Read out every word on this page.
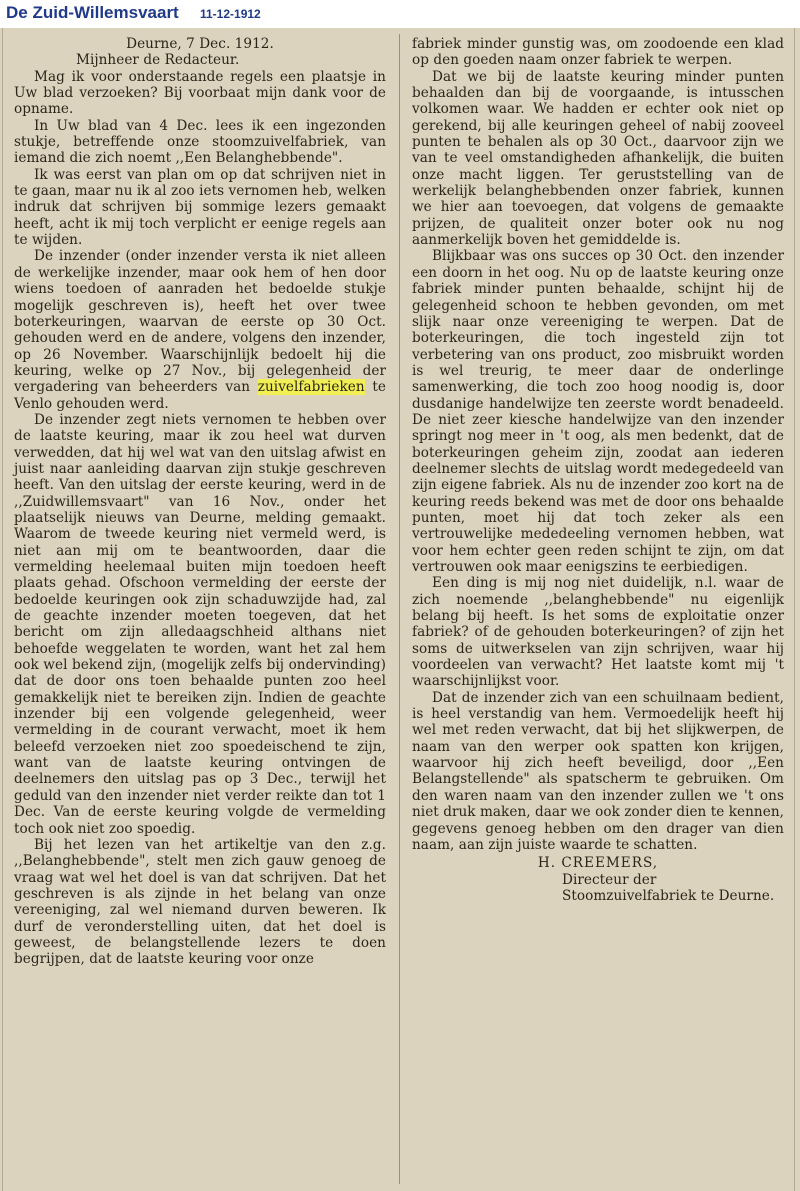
De Zuid-Willemsvaart 11-12-1912

Deurne, 7 Dec. 1912.

Mijnheer de Redacteur.

Mag ik voor onderstaande regels een plaatsje in Uw blad verzoeken? Bij voorbaat mijn dank voor de opname.

In Uw blad van 4 Dec. lees ik een ingezonden stukje, betreffende onze stoomzuivelfabriek, van iemand die zich noemt ,,Een Belanghebbende".

Ik was eerst van plan om op dat schrijven niet in te gaan, maar nu ik al zoo iets vernomen heb, welken indruk dat schrijven bij sommige lezers gemaakt heeft, acht ik mij toch verplicht er eenige regels aan te wijden.

De inzender (onder inzender versta ik niet alleen de werkelijke inzender, maar ook hem of hen door wiens toedoen of aanraden het bedoelde stukje mogelijk geschreven is), heeft het over twee boterkeuringen, waarvan de eerste op 30 Oct. gehouden werd en de andere, volgens den inzender, op 26 November. Waarschijnlijk bedoelt hij die keuring, welke op 27 Nov., bij gelegenheid der vergadering van beheerders van zuivelfabrieken te Venlo gehouden werd.

De inzender zegt niets vernomen te hebben over de laatste keuring, maar ik zou heel wat durven verwedden, dat hij wel wat van den uitslag afwist en juist naar aanleiding daarvan zijn stukje geschreven heeft. Van den uitslag der eerste keuring, werd in de ,,Zuidwillemsvaart" van 16 Nov., onder het plaatselijk nieuws van Deurne, melding gemaakt. Waarom de tweede keuring niet vermeld werd, is niet aan mij om te beantwoorden, daar die vermelding heelemaal buiten mijn toedoen heeft plaats gehad. Ofschoon vermelding der eerste der bedoelde keuringen ook zijn schaduwzijde had, zal de geachte inzender moeten toegeven, dat het bericht om zijn alledaagschheid althans niet behoefde weggelaten te worden, want het zal hem ook wel bekend zijn, (mogelijk zelfs bij ondervinding) dat de door ons toen behaalde punten zoo heel gemakkelijk niet te bereiken zijn. Indien de geachte inzender bij een volgende gelegenheid, weer vermelding in de courant verwacht, moet ik hem beleefd verzoeken niet zoo spoedeischend te zijn, want van de laatste keuring ontvingen de deelnemers den uitslag pas op 3 Dec., terwijl het geduld van den inzender niet verder reikte dan tot 1 Dec. Van de eerste keuring volgde de vermelding toch ook niet zoo spoedig.

Bij het lezen van het artikeltje van den z.g. ,,Belanghebbende", stelt men zich gauw genoeg de vraag wat wel het doel is van dat schrijven. Dat het geschreven is als zijnde in het belang van onze vereeniging, zal wel niemand durven beweren. Ik durf de veronderstelling uiten, dat het doel is geweest, de belangstellende lezers te doen begrijpen, dat de laatste keuring voor onze

fabriek minder gunstig was, om zoodoende een klad op den goeden naam onzer fabriek te werpen.

Dat we bij de laatste keuring minder punten behaalden dan bij de voorgaande, is intusschen volkomen waar. We hadden er echter ook niet op gerekend, bij alle keuringen geheel of nabij zooveel punten te behalen als op 30 Oct., daarvoor zijn we van te veel omstandigheden afhankelijk, die buiten onze macht liggen. Ter geruststelling van de werkelijk belanghebbenden onzer fabriek, kunnen we hier aan toevoegen, dat volgens de gemaakte prijzen, de qualiteit onzer boter ook nu nog aanmerkelijk boven het gemiddelde is.

Blijkbaar was ons succes op 30 Oct. den inzender een doorn in het oog. Nu op de laatste keuring onze fabriek minder punten behaalde, schijnt hij de gelegenheid schoon te hebben gevonden, om met slijk naar onze vereeniging te werpen. Dat de boterkeuringen, die toch ingesteld zijn tot verbetering van ons product, zoo misbruikt worden is wel treurig, te meer daar de onderlinge samenwerking, die toch zoo hoog noodig is, door dusdanige handelwijze ten zeerste wordt benadeeld. De niet zeer kiesche handelwijze van den inzender springt nog meer in 't oog, als men bedenkt, dat de boterkeuringen geheim zijn, zoodat aan iederen deelnemer slechts de uitslag wordt medegedeeld van zijn eigene fabriek. Als nu de inzender zoo kort na de keuring reeds bekend was met de door ons behaalde punten, moet hij dat toch zeker als een vertrouwelijke mededeeling vernomen hebben, wat voor hem echter geen reden schijnt te zijn, om dat vertrouwen ook maar eenigszins te eerbiedigen.

Een ding is mij nog niet duidelijk, n.l. waar de zich noemende ,,belanghebbende" nu eigenlijk belang bij heeft. Is het soms de exploitatie onzer fabriek? of de gehouden boterkeuringen? of zijn het soms de uitwerkselen van zijn schrijven, waar hij voordeelen van verwacht? Het laatste komt mij 't waarschijnlijkst voor.

Dat de inzender zich van een schuilnaam bedient, is heel verstandig van hem. Vermoedelijk heeft hij wel met reden verwacht, dat bij het slijkwerpen, de naam van den werper ook spatten kon krijgen, waarvoor hij zich heeft beveiligd, door ,,Een Belangstellende" als spatscherm te gebruiken. Om den waren naam van den inzender zullen we 't ons niet druk maken, daar we ook zonder dien te kennen, gegevens genoeg hebben om den drager van dien naam, aan zijn juiste waarde te schatten.

H. CREEMERS,

Directeur der Stoomzuivelfabriek te Deurne.
